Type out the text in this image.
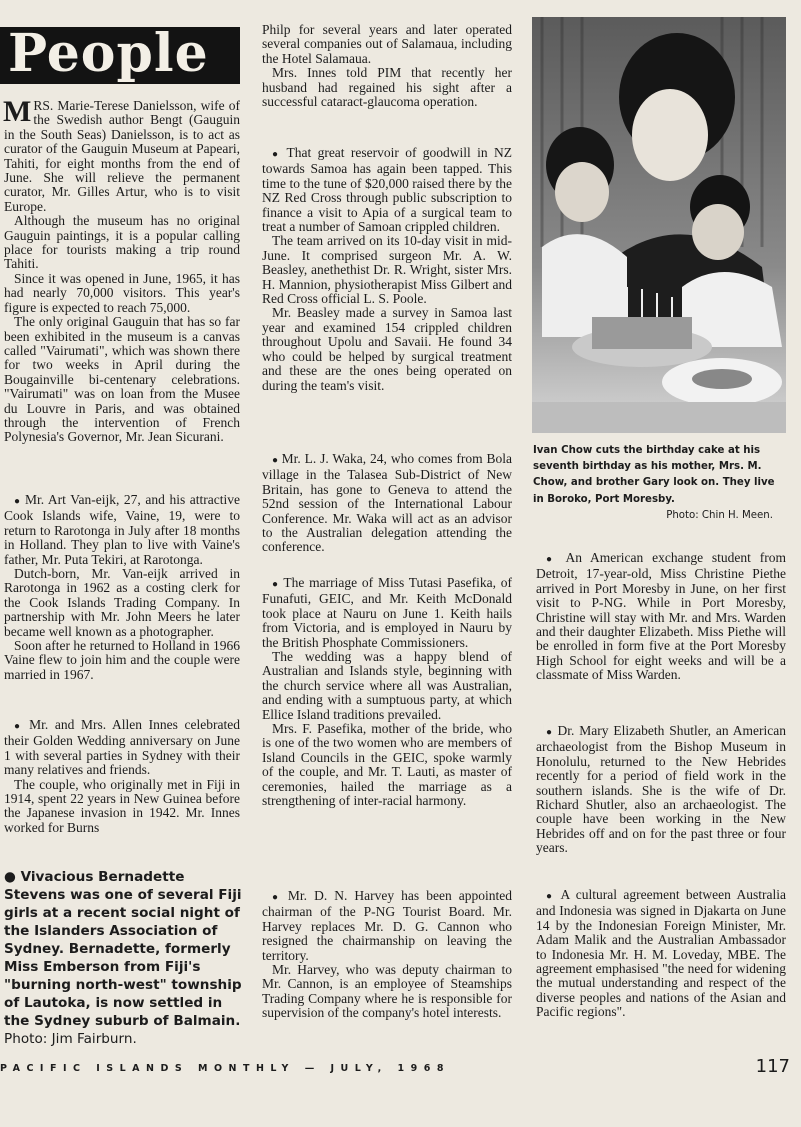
People

MRS. Marie-Terese Danielsson, wife of the Swedish author Bengt (Gauguin in the South Seas) Danielsson, is to act as curator of the Gauguin Museum at Papeari, Tahiti, for eight months from the end of June. She will relieve the permanent curator, Mr. Gilles Artur, who is to visit Europe.

Although the museum has no original Gauguin paintings, it is a popular calling place for tourists making a trip round Tahiti.

Since it was opened in June, 1965, it has had nearly 70,000 visitors. This year's figure is expected to reach 75,000.

The only original Gauguin that has so far been exhibited in the museum is a canvas called "Vairumati", which was shown there for two weeks in April during the Bougainville bi-centenary celebrations. "Vairumati" was on loan from the Musee du Louvre in Paris, and was obtained through the intervention of French Polynesia's Governor, Mr. Jean Sicurani.

● Mr. Art Van-eijk, 27, and his attractive Cook Islands wife, Vaine, 19, were to return to Rarotonga in July after 18 months in Holland. They plan to live with Vaine's father, Mr. Puta Tekiri, at Rarotonga.

Dutch-born, Mr. Van-eijk arrived in Rarotonga in 1962 as a costing clerk for the Cook Islands Trading Company. In partnership with Mr. John Meers he later became well known as a photographer.

Soon after he returned to Holland in 1966 Vaine flew to join him and the couple were married in 1967.

● Mr. and Mrs. Allen Innes celebrated their Golden Wedding anniversary on June 1 with several parties in Sydney with their many relatives and friends.

The couple, who originally met in Fiji in 1914, spent 22 years in New Guinea before the Japanese invasion in 1942. Mr. Innes worked for Burns

● Vivacious Bernadette Stevens was one of several Fiji girls at a recent social night of the Islanders Association of Sydney. Bernadette, formerly Miss Emberson from Fiji's "burning north-west" township of Lautoka, is now settled in the Sydney suburb of Balmain. Photo: Jim Fairburn.

Philp for several years and later operated several companies out of Salamaua, including the Hotel Salamaua.

Mrs. Innes told PIM that recently her husband had regained his sight after a successful cataract-glaucoma operation.

● That great reservoir of goodwill in NZ towards Samoa has again been tapped. This time to the tune of $20,000 raised there by the NZ Red Cross through public subscription to finance a visit to Apia of a surgical team to treat a number of Samoan crippled children.

The team arrived on its 10-day visit in mid-June. It comprised surgeon Mr. A. W. Beasley, anethethist Dr. R. Wright, sister Mrs. H. Mannion, physiotherapist Miss Gilbert and Red Cross official L. S. Poole.

Mr. Beasley made a survey in Samoa last year and examined 154 crippled children throughout Upolu and Savaii. He found 34 who could be helped by surgical treatment and these are the ones being operated on during the team's visit.

● Mr. L. J. Waka, 24, who comes from Bola village in the Talasea Sub-District of New Britain, has gone to Geneva to attend the 52nd session of the International Labour Conference. Mr. Waka will act as an advisor to the Australian delegation attending the conference.

● The marriage of Miss Tutasi Pasefika, of Funafuti, GEIC, and Mr. Keith McDonald took place at Nauru on June 1. Keith hails from Victoria, and is employed in Nauru by the British Phosphate Commissioners.

The wedding was a happy blend of Australian and Islands style, beginning with the church service where all was Australian, and ending with a sumptuous party, at which Ellice Island traditions prevailed.

Mrs. F. Pasefika, mother of the bride, who is one of the two women who are members of Island Councils in the GEIC, spoke warmly of the couple, and Mr. T. Lauti, as master of ceremonies, hailed the marriage as a strengthening of inter-racial harmony.

● Mr. D. N. Harvey has been appointed chairman of the P-NG Tourist Board. Mr. Harvey replaces Mr. D. G. Cannon who resigned the chairmanship on leaving the territory.

Mr. Harvey, who was deputy chairman to Mr. Cannon, is an employee of Steamships Trading Company where he is responsible for supervision of the company's hotel interests.

Ivan Chow cuts the birthday cake at his seventh birthday as his mother, Mrs. M. Chow, and brother Gary look on. They live in Boroko, Port Moresby.
Photo: Chin H. Meen.

● An American exchange student from Detroit, 17-year-old, Miss Christine Piethe arrived in Port Moresby in June, on her first visit to P-NG. While in Port Moresby, Christine will stay with Mr. and Mrs. Warden and their daughter Elizabeth. Miss Piethe will be enrolled in form five at the Port Moresby High School for eight weeks and will be a classmate of Miss Warden.

● Dr. Mary Elizabeth Shutler, an American archaeologist from the Bishop Museum in Honolulu, returned to the New Hebrides recently for a period of field work in the southern islands. She is the wife of Dr. Richard Shutler, also an archaeologist. The couple have been working in the New Hebrides off and on for the past three or four years.

● A cultural agreement between Australia and Indonesia was signed in Djakarta on June 14 by the Indonesian Foreign Minister, Mr. Adam Malik and the Australian Ambassador to Indonesia Mr. H. M. Loveday, MBE. The agreement emphasised "the need for widening the mutual understanding and respect of the diverse peoples and nations of the Asian and Pacific regions".

PACIFIC ISLANDS MONTHLY — JULY, 1968	117
